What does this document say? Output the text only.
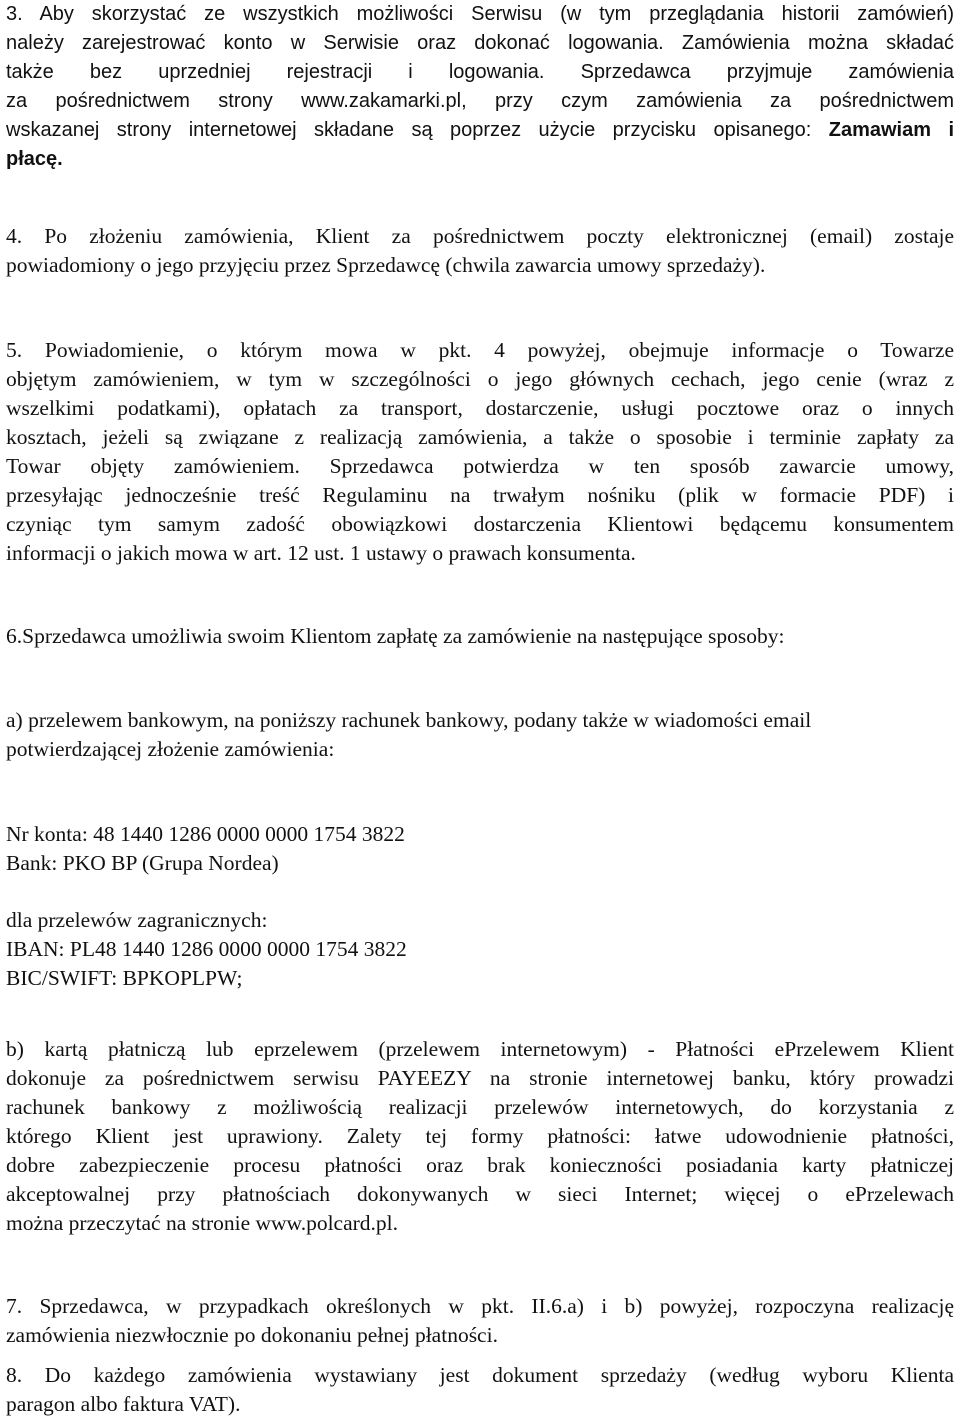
3. Aby skorzystać ze wszystkich możliwości Serwisu (w tym przeglądania historii zamówień)
należy zarejestrować konto w Serwisie oraz dokonać logowania. Zamówienia można składać
także bez uprzedniej rejestracji i logowania. Sprzedawca przyjmuje zamówienia
za pośrednictwem strony www.zakamarki.pl, przy czym zamówienia za pośrednictwem
wskazanej strony internetowej składane są poprzez użycie przycisku opisanego: Zamawiam i
płacę.
4. Po złożeniu zamówienia, Klient za pośrednictwem poczty elektronicznej (email) zostaje
powiadomiony o jego przyjęciu przez Sprzedawcę (chwila zawarcia umowy sprzedaży).
5. Powiadomienie, o którym mowa w pkt. 4 powyżej, obejmuje informacje o Towarze
objętym zamówieniem, w tym w szczególności o jego głównych cechach, jego cenie (wraz z
wszelkimi podatkami), opłatach za transport, dostarczenie, usługi pocztowe oraz o innych
kosztach, jeżeli są związane z realizacją zamówienia, a także o sposobie i terminie zapłaty za
Towar objęty zamówieniem. Sprzedawca potwierdza w ten sposób zawarcie umowy,
przesyłając jednocześnie treść Regulaminu na trwałym nośniku (plik w formacie PDF) i
czyniąc tym samym zadość obowiązkowi dostarczenia Klientowi będącemu konsumentem
informacji o jakich mowa w art. 12 ust. 1 ustawy o prawach konsumenta.
6.Sprzedawca umożliwia swoim Klientom zapłatę za zamówienie na następujące sposoby:
a) przelewem bankowym, na poniższy rachunek bankowy, podany także w wiadomości email
potwierdzającej złożenie zamówienia:
Nr konta: 48 1440 1286 0000 0000 1754 3822
Bank: PKO BP (Grupa Nordea)
dla przelewów zagranicznych:
IBAN: PL48 1440 1286 0000 0000 1754 3822
BIC/SWIFT: BPKOPLPW;
b) kartą płatniczą lub eprzelewem (przelewem internetowym) - Płatności ePrzelewem Klient
dokonuje za pośrednictwem serwisu PAYEEZY na stronie internetowej banku, który prowadzi
rachunek bankowy z możliwością realizacji przelewów internetowych, do korzystania z
którego Klient jest uprawiony. Zalety tej formy płatności: łatwe udowodnienie płatności,
dobre zabezpieczenie procesu płatności oraz brak konieczności posiadania karty płatniczej
akceptowalnej przy płatnościach dokonywanych w sieci Internet; więcej o ePrzelewach
można przeczytać na stronie www.polcard.pl.
7. Sprzedawca, w przypadkach określonych w pkt. II.6.a) i b) powyżej, rozpoczyna realizację
zamówienia niezwłocznie po dokonaniu pełnej płatności.
8. Do każdego zamówienia wystawiany jest dokument sprzedaży (według wyboru Klienta
paragon albo faktura VAT).
